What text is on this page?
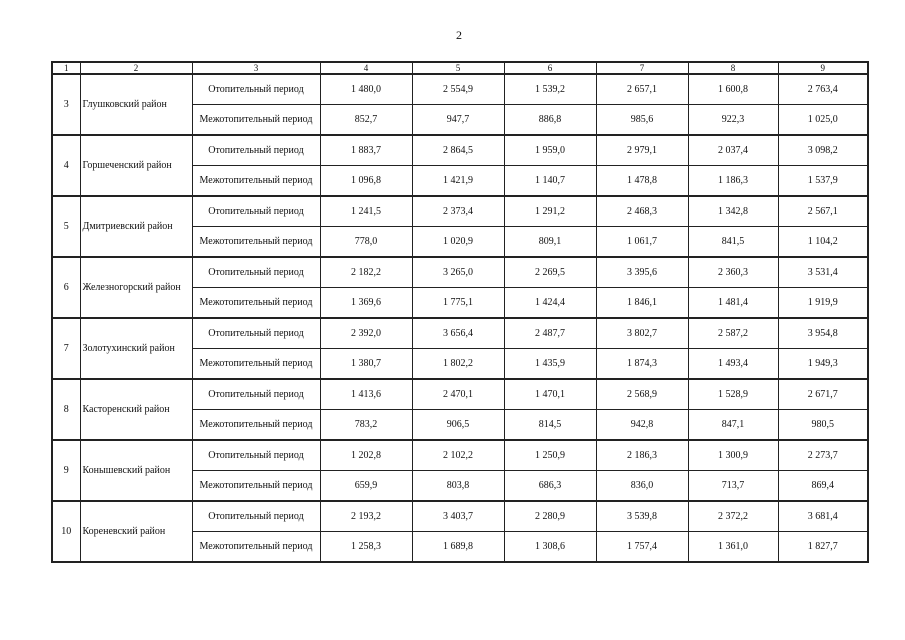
2
1	2	3	4	5	6	7	8	9
3	Глушковский район	Отопительный период	1 480,0	2 554,9	1 539,2	2 657,1	1 600,8	2 763,4
		Межотопительный период	852,7	947,7	886,8	985,6	922,3	1 025,0
4	Горшеченский район	Отопительный период	1 883,7	2 864,5	1 959,0	2 979,1	2 037,4	3 098,2
		Межотопительный период	1 096,8	1 421,9	1 140,7	1 478,8	1 186,3	1 537,9
5	Дмитриевский район	Отопительный период	1 241,5	2 373,4	1 291,2	2 468,3	1 342,8	2 567,1
		Межотопительный период	778,0	1 020,9	809,1	1 061,7	841,5	1 104,2
6	Железногорский район	Отопительный период	2 182,2	3 265,0	2 269,5	3 395,6	2 360,3	3 531,4
		Межотопительный период	1 369,6	1 775,1	1 424,4	1 846,1	1 481,4	1 919,9
7	Золотухинский район	Отопительный период	2 392,0	3 656,4	2 487,7	3 802,7	2 587,2	3 954,8
		Межотопительный период	1 380,7	1 802,2	1 435,9	1 874,3	1 493,4	1 949,3
8	Касторенский район	Отопительный период	1 413,6	2 470,1	1 470,1	2 568,9	1 528,9	2 671,7
		Межотопительный период	783,2	906,5	814,5	942,8	847,1	980,5
9	Конышевский район	Отопительный период	1 202,8	2 102,2	1 250,9	2 186,3	1 300,9	2 273,7
		Межотопительный период	659,9	803,8	686,3	836,0	713,7	869,4
10	Кореневский район	Отопительный период	2 193,2	3 403,7	2 280,9	3 539,8	2 372,2	3 681,4
		Межотопительный период	1 258,3	1 689,8	1 308,6	1 757,4	1 361,0	1 827,7
